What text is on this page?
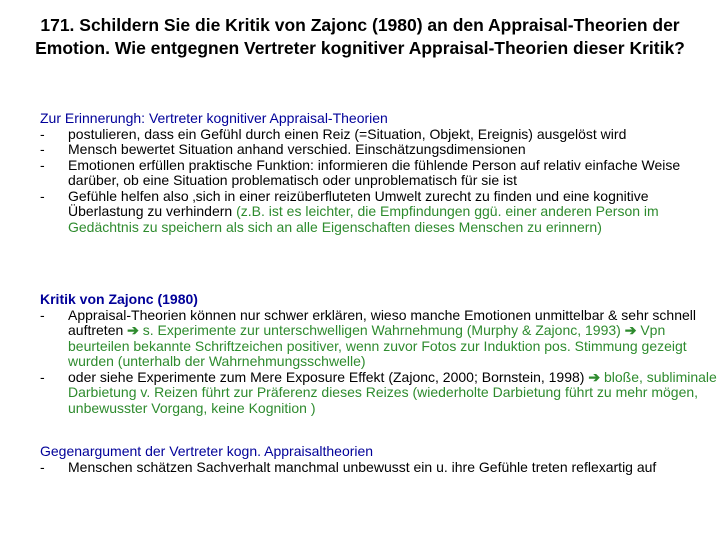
171. Schildern Sie die Kritik von Zajonc (1980) an den Appraisal-Theorien der Emotion. Wie entgegnen Vertreter kognitiver Appraisal-Theorien dieser Kritik?
Zur Erinnerungh: Vertreter kognitiver Appraisal-Theorien
- postulieren, dass ein Gefühl durch einen Reiz (=Situation, Objekt, Ereignis) ausgelöst wird
- Mensch bewertet Situation anhand verschied. Einschätzungsdimensionen
- Emotionen erfüllen praktische Funktion: informieren die fühlende Person auf relativ einfache Weise darüber, ob eine Situation problematisch oder unproblematisch für sie ist
- Gefühle helfen also ‚sich in einer reizüberfluteten Umwelt zurecht zu finden und eine kognitive Überlastung zu verhindern (z.B. ist es leichter, die Empfindungen ggü. einer anderen Person im Gedächtnis zu speichern als sich an alle Eigenschaften dieses Menschen zu erinnern)
Kritik von Zajonc (1980)
- Appraisal-Theorien können nur schwer erklären, wieso manche Emotionen unmittelbar & sehr schnell auftreten ➔ s. Experimente zur unterschwelligen Wahrnehmung (Murphy & Zajonc, 1993) ➔ Vpn beurteilen bekannte Schriftzeichen positiver, wenn zuvor Fotos zur Induktion pos. Stimmung gezeigt wurden (unterhalb der Wahrnehmungsschwelle)
- oder siehe Experimente zum Mere Exposure Effekt (Zajonc, 2000; Bornstein, 1998) ➔ bloße, subliminale Darbietung v. Reizen führt zur Präferenz dieses Reizes (wiederholte Darbietung führt zu mehr mögen, unbewusster Vorgang, keine Kognition )
Gegenargument der Vertreter kogn. Appraisaltheorien
- Menschen schätzen Sachverhalt manchmal unbewusst ein u. ihre Gefühle treten reflexartig auf
